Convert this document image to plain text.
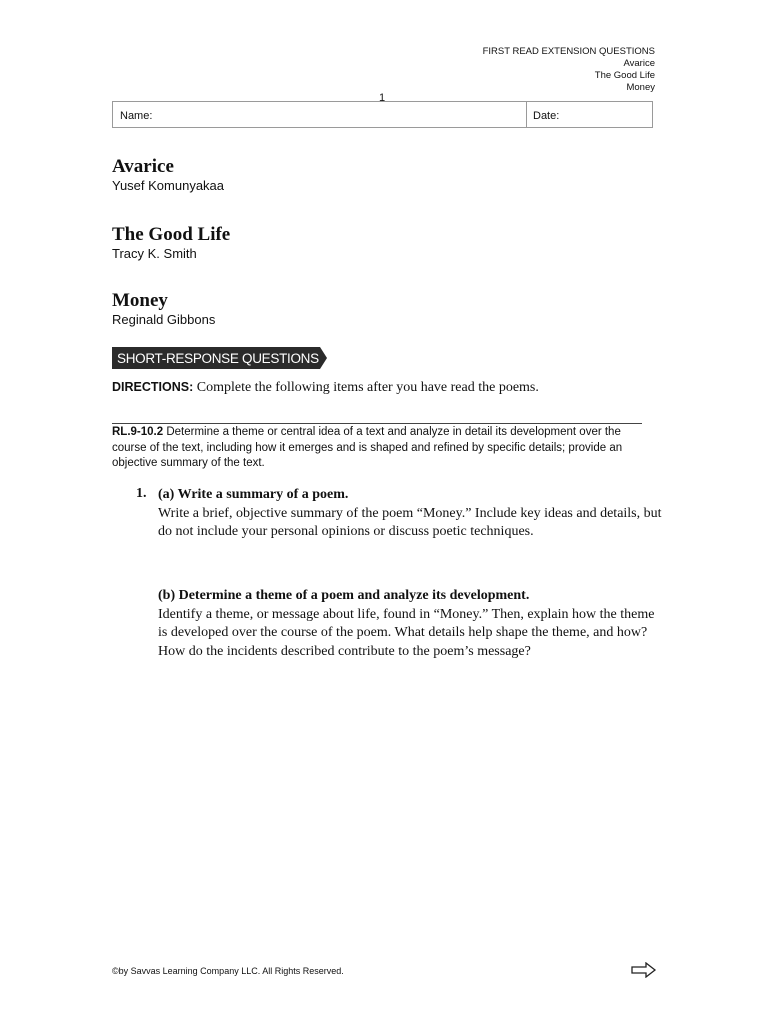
FIRST READ EXTENSION QUESTIONS
Avarice
The Good Life
Money
1
Name:	Date:

Avarice

Yusef Komunyakaa

The Good Life

Tracy K. Smith

Money

Reginald Gibbons

SHORT-RESPONSE QUESTIONS
DIRECTIONS: Complete the following items after you have read the poems.
RL.9-10.2 Determine a theme or central idea of a text and analyze in detail its development over the course of the text, including how it emerges and is shaped and refined by specific details; provide an objective summary of the text.
1. (a) Write a summary of a poem.
Write a brief, objective summary of the poem “Money.” Include key ideas and details, but do not include your personal opinions or discuss poetic techniques.
(b) Determine a theme of a poem and analyze its development.
Identify a theme, or message about life, found in “Money.” Then, explain how the theme is developed over the course of the poem. What details help shape the theme, and how? How do the incidents described contribute to the poem’s message?
©by Savvas Learning Company LLC. All Rights Reserved.
